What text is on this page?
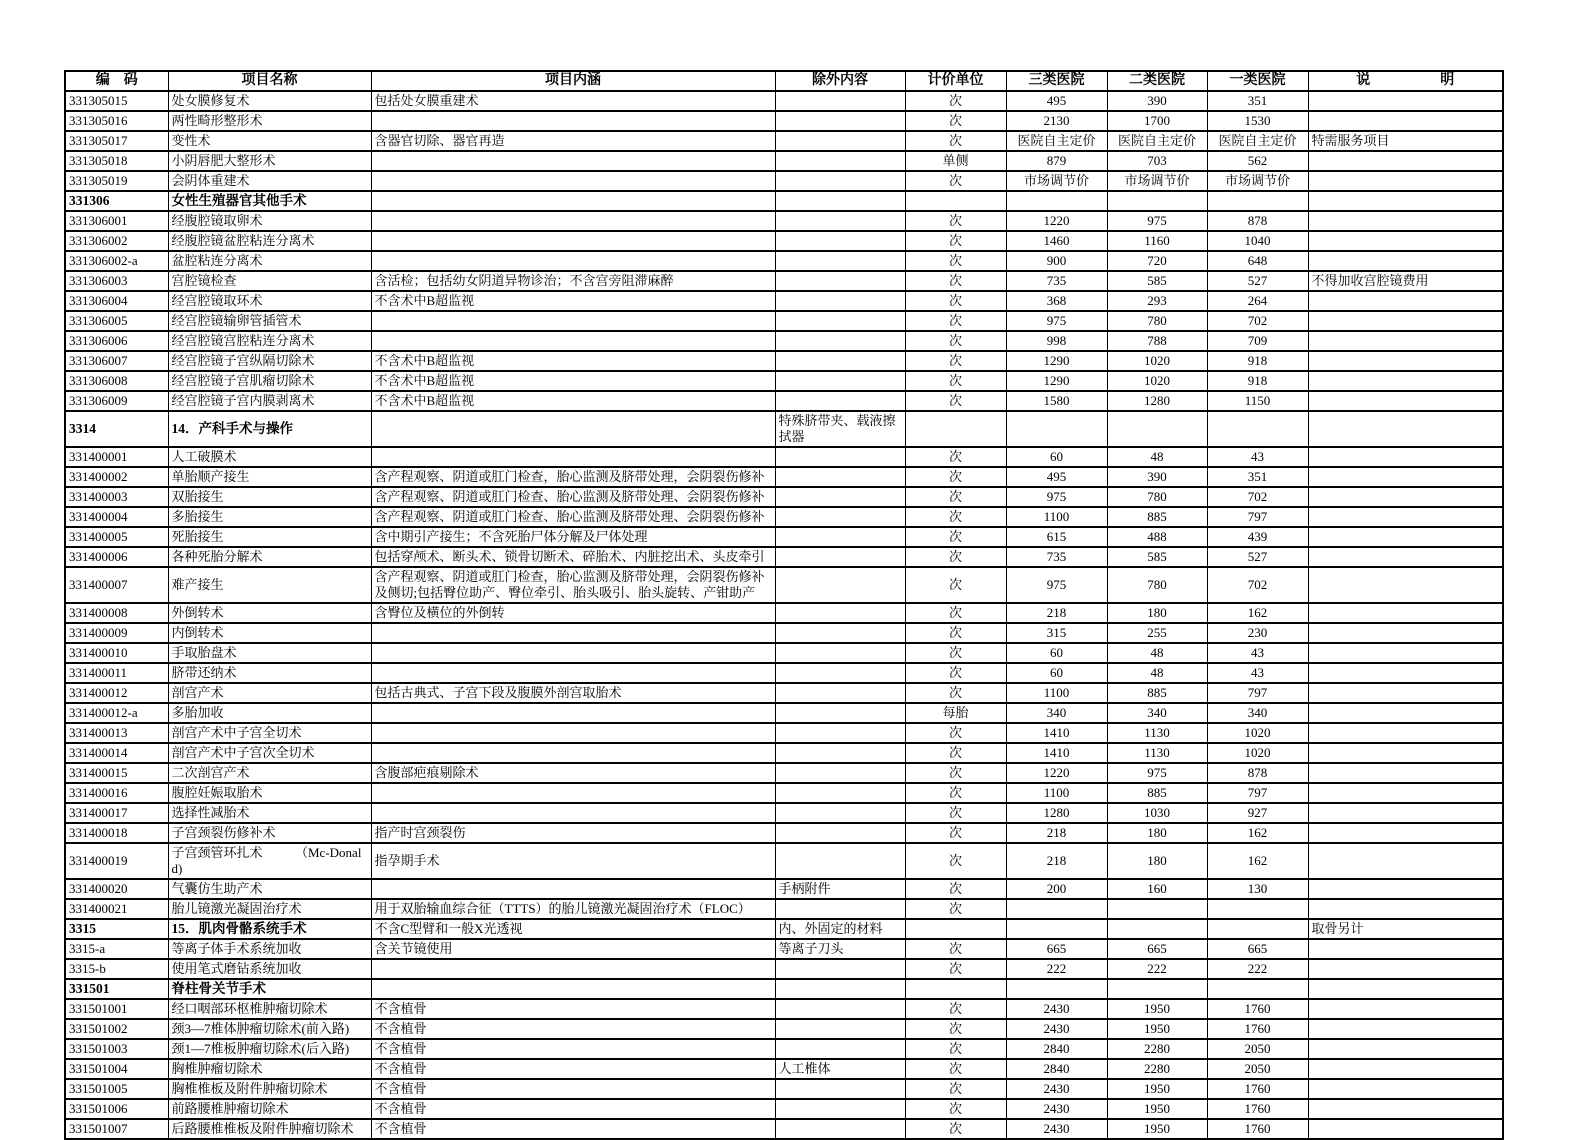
编　码	项目名称	项目内涵	除外内容	计价单位	三类医院	二类医院	一类医院	说　　　　　明
331305015	处女膜修复术	包括处女膜重建术		次	495	390	351	
331305016	两性畸形整形术			次	2130	1700	1530	
331305017	变性术	含器官切除、器官再造		次	医院自主定价	医院自主定价	医院自主定价	特需服务项目
331305018	小阴唇肥大整形术			单侧	879	703	562	
331305019	会阴体重建术			次	市场调节价	市场调节价	市场调节价	
331306	女性生殖器官其他手术							
331306001	经腹腔镜取卵术			次	1220	975	878	
331306002	经腹腔镜盆腔粘连分离术			次	1460	1160	1040	
331306002-a	盆腔粘连分离术			次	900	720	648	
331306003	宫腔镜检查	含活检；包括幼女阴道异物诊治；不含宫旁阻滞麻醉		次	735	585	527	不得加收宫腔镜费用
331306004	经宫腔镜取环术	不含术中B超监视		次	368	293	264	
331306005	经宫腔镜输卵管插管术			次	975	780	702	
331306006	经宫腔镜宫腔粘连分离术			次	998	788	709	
331306007	经宫腔镜子宫纵隔切除术	不含术中B超监视		次	1290	1020	918	
331306008	经宫腔镜子宫肌瘤切除术	不含术中B超监视		次	1290	1020	918	
331306009	经宫腔镜子宫内膜剥离术	不含术中B超监视		次	1580	1280	1150	
3314	14．产科手术与操作		特殊脐带夹、载液擦拭器					
331400001	人工破膜术			次	60	48	43	
331400002	单胎顺产接生	含产程观察、阴道或肛门检查，胎心监测及脐带处理，会阴裂伤修补		次	495	390	351	
331400003	双胎接生	含产程观察、阴道或肛门检查、胎心监测及脐带处理、会阴裂伤修补		次	975	780	702	
331400004	多胎接生	含产程观察、阴道或肛门检查、胎心监测及脐带处理、会阴裂伤修补		次	1100	885	797	
331400005	死胎接生	含中期引产接生；不含死胎尸体分解及尸体处理		次	615	488	439	
331400006	各种死胎分解术	包括穿颅术、断头术、锁骨切断术、碎胎术、内脏挖出术、头皮牵引		次	735	585	527	
331400007	难产接生	含产程观察、阴道或肛门检查，胎心监测及脐带处理，会阴裂伤修补及侧切;包括臀位助产、臀位牵引、胎头吸引、胎头旋转、产钳助产		次	975	780	702	
331400008	外倒转术	含臀位及横位的外倒转		次	218	180	162	
331400009	内倒转术			次	315	255	230	
331400010	手取胎盘术			次	60	48	43	
331400011	脐带还纳术			次	60	48	43	
331400012	剖宫产术	包括古典式、子宫下段及腹膜外剖宫取胎术		次	1100	885	797	
331400012-a	多胎加收			每胎	340	340	340	
331400013	剖宫产术中子宫全切术			次	1410	1130	1020	
331400014	剖宫产术中子宫次全切术			次	1410	1130	1020	
331400015	二次剖宫产术	含腹部疤痕剔除术		次	1220	975	878	
331400016	腹腔妊娠取胎术			次	1100	885	797	
331400017	选择性减胎术			次	1280	1030	927	
331400018	子宫颈裂伤修补术	指产时宫颈裂伤		次	218	180	162	
331400019	子宫颈管环扎术　　　（Mc-Donald)	指孕期手术		次	218	180	162	
331400020	气囊仿生助产术		手柄附件	次	200	160	130	
331400021	胎儿镜激光凝固治疗术	用于双胎输血综合征（TTTS）的胎儿镜激光凝固治疗术（FLOC）		次				
3315	15．肌肉骨骼系统手术	不含C型臂和一般X光透视	内、外固定的材料					取骨另计
3315-a	等离子体手术系统加收	含关节镜使用	等离子刀头	次	665	665	665	
3315-b	使用笔式磨钻系统加收			次	222	222	222	
331501	脊柱骨关节手术							
331501001	经口咽部环枢椎肿瘤切除术	不含植骨		次	2430	1950	1760	
331501002	颈3—7椎体肿瘤切除术(前入路)	不含植骨		次	2430	1950	1760	
331501003	颈1—7椎板肿瘤切除术(后入路)	不含植骨		次	2840	2280	2050	
331501004	胸椎肿瘤切除术	不含植骨	人工椎体	次	2840	2280	2050	
331501005	胸椎椎板及附件肿瘤切除术	不含植骨		次	2430	1950	1760	
331501006	前路腰椎肿瘤切除术	不含植骨		次	2430	1950	1760	
331501007	后路腰椎椎板及附件肿瘤切除术	不含植骨		次	2430	1950	1760	
